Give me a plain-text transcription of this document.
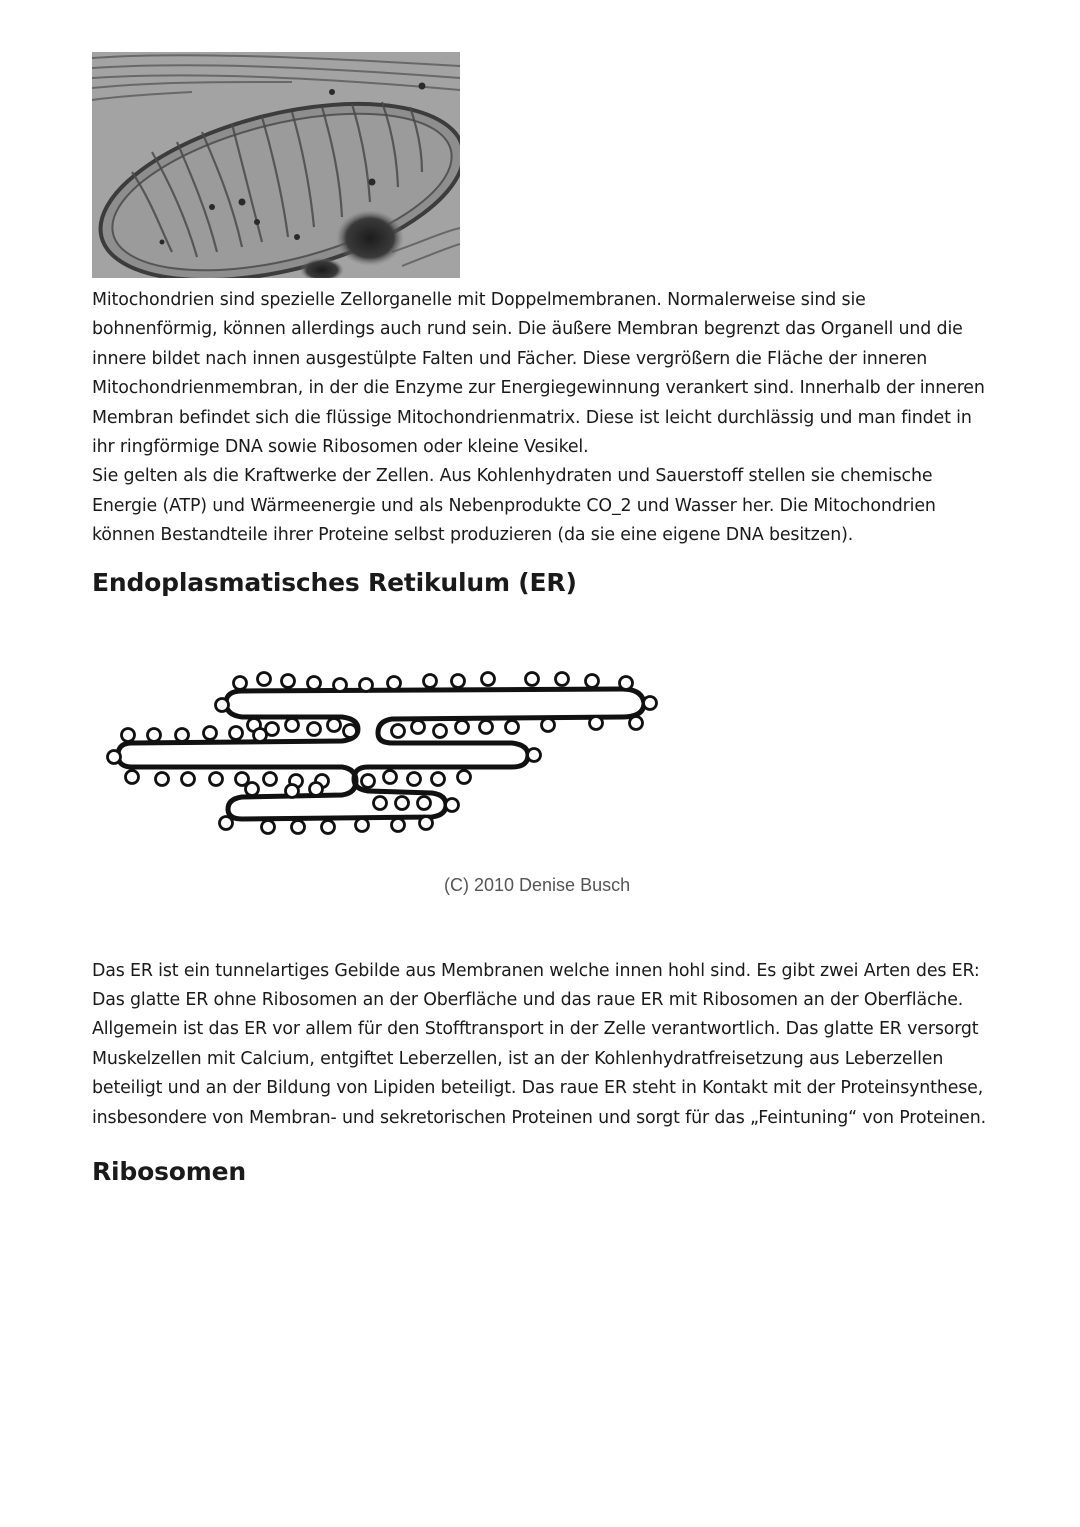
Mitochondrien sind spezielle Zellorganelle mit Doppelmembranen. Normalerweise sind sie bohnenförmig, können allerdings auch rund sein. Die äußere Membran begrenzt das Organell und die innere bildet nach innen ausgestülpte Falten und Fächer. Diese vergrößern die Fläche der inneren Mitochondrienmembran, in der die Enzyme zur Energiegewinnung verankert sind. Innerhalb der inneren Membran befindet sich die flüssige Mitochondrienmatrix. Diese ist leicht durchlässig und man findet in ihr ringförmige DNA sowie Ribosomen oder kleine Vesikel.

Sie gelten als die Kraftwerke der Zellen. Aus Kohlenhydraten und Sauerstoff stellen sie chemische Energie (ATP) und Wärmeenergie und als Nebenprodukte CO_2 und Wasser her. Die Mitochondrien können Bestandteile ihrer Proteine selbst produzieren (da sie eine eigene DNA besitzen).

Endoplasmatisches Retikulum (ER)
(C) 2010 Denise Busch

Das ER ist ein tunnelartiges Gebilde aus Membranen welche innen hohl sind. Es gibt zwei Arten des ER: Das glatte ER ohne Ribosomen an der Oberfläche und das raue ER mit Ribosomen an der Oberfläche. Allgemein ist das ER vor allem für den Stofftransport in der Zelle verantwortlich. Das glatte ER versorgt Muskelzellen mit Calcium, entgiftet Leberzellen, ist an der Kohlenhydratfreisetzung aus Leberzellen beteiligt und an der Bildung von Lipiden beteiligt. Das raue ER steht in Kontakt mit der Proteinsynthese, insbesondere von Membran- und sekretorischen Proteinen und sorgt für das „Feintuning“ von Proteinen.

Ribosomen
